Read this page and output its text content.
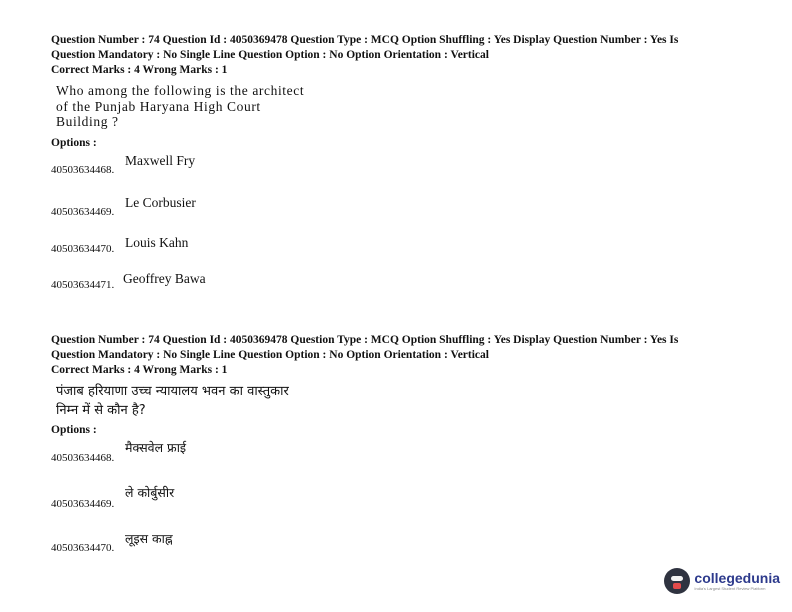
Question Number : 74 Question Id : 4050369478 Question Type : MCQ Option Shuffling : Yes Display Question Number : Yes Is
Question Mandatory : No Single Line Question Option : No Option Orientation : Vertical
Correct Marks : 4 Wrong Marks : 1
Who among the following is the architect
of the Punjab Haryana High Court
Building ?
Options :
40503634468.
Maxwell Fry
40503634469.
Le Corbusier
40503634470. Louis Kahn
40503634471. Geoffrey Bawa
Question Number : 74 Question Id : 4050369478 Question Type : MCQ Option Shuffling : Yes Display Question Number : Yes Is
Question Mandatory : No Single Line Question Option : No Option Orientation : Vertical
Correct Marks : 4 Wrong Marks : 1
पंजाब हरियाणा उच्च न्यायालय भवन का वास्तुकार
निम्न में से कौन है?
Options :
40503634468.
मैक्सवेल फ्राई
40503634469.
ले कोर्बुसीर
40503634470.
लूइस काह्न
collegedunia
India's Largest Student Review Platform
